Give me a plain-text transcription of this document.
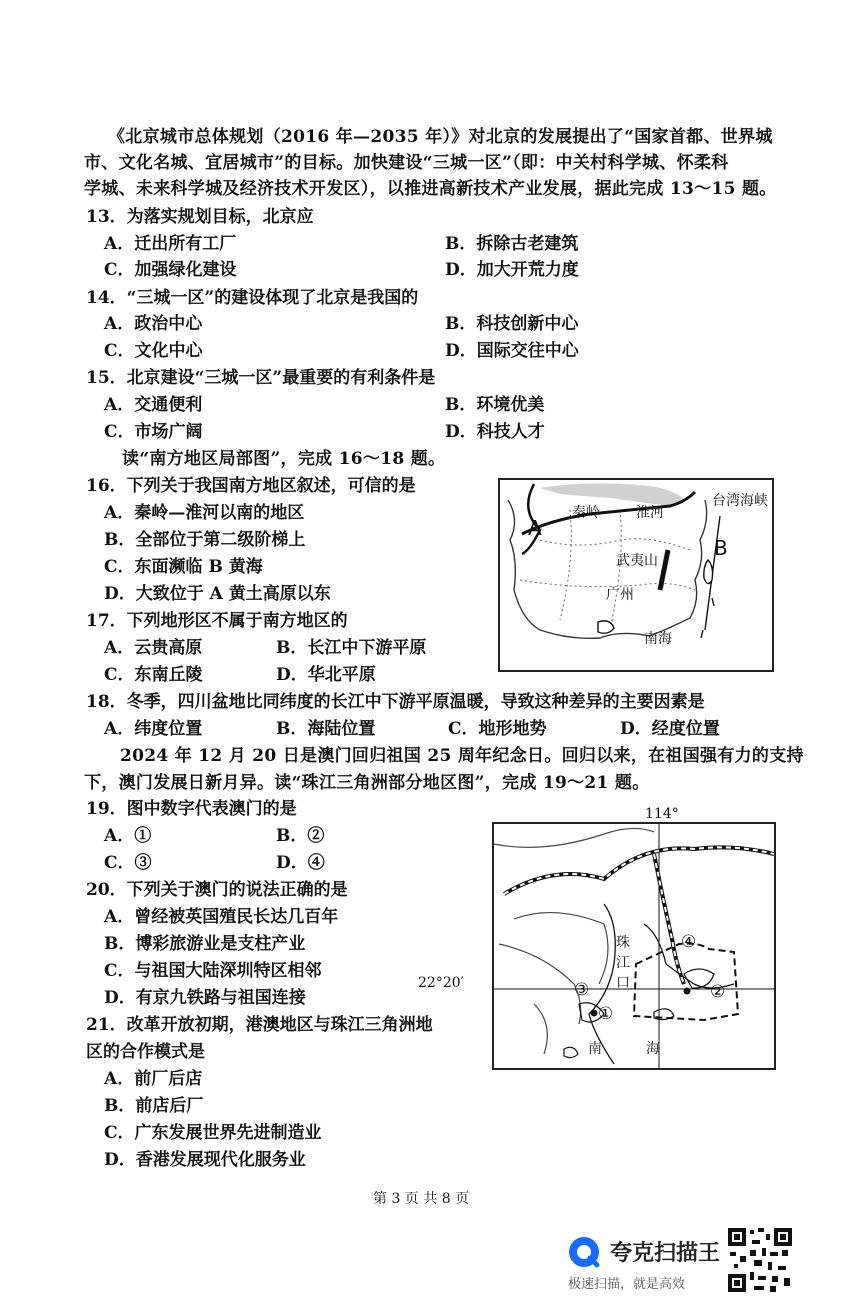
《北京城市总体规划（2016 年—2035 年）》对北京的发展提出了“国家首都、世界城
市、文化名城、宜居城市”的目标。加快建设“三城一区”（即：中关村科学城、怀柔科
学城、未来科学城及经济技术开发区），以推进高新技术产业发展，据此完成 13～15 题。
13．为落实规划目标，北京应
A．迁出所有工厂	B．拆除古老建筑
C．加强绿化建设	D．加大开荒力度
14．“三城一区”的建设体现了北京是我国的
A．政治中心	B．科技创新中心
C．文化中心	D．国际交往中心
15．北京建设“三城一区”最重要的有利条件是
A．交通便利	B．环境优美
C．市场广阔	D．科技人才
读“南方地区局部图”，完成 16～18 题。
16．下列关于我国南方地区叙述，可信的是
A．秦岭—淮河以南的地区
B．全部位于第二级阶梯上
C．东面濒临 B 黄海
D．大致位于 A 黄土高原以东
17．下列地形区不属于南方地区的
A．云贵高原	B．长江中下游平原
C．东南丘陵	D．华北平原
秦岭	淮河
台湾海峡
A
B
武夷山
广州
南海
18．冬季，四川盆地比同纬度的长江中下游平原温暖，导致这种差异的主要因素是
A．纬度位置	B．海陆位置	C．地形地势	D．经度位置
2024 年 12 月 20 日是澳门回归祖国 25 周年纪念日。回归以来，在祖国强有力的支持
下，澳门发展日新月异。读“珠江三角洲部分地区图”，完成 19～21 题。
19．图中数字代表澳门的是
A．①	B．②
C．③	D．④
20．下列关于澳门的说法正确的是
A．曾经被英国殖民长达几百年
B．博彩旅游业是支柱产业
C．与祖国大陆深圳特区相邻
D．有京九铁路与祖国连接
21．改革开放初期，港澳地区与珠江三角洲地
区的合作模式是
A．前厂后店
B．前店后厂
C．广东发展世界先进制造业
D．香港发展现代化服务业
114°
22°20′
珠
江
口
南	海
①
②
③
④
第 3 页 共 8 页
夸克扫描王
极速扫描，就是高效
